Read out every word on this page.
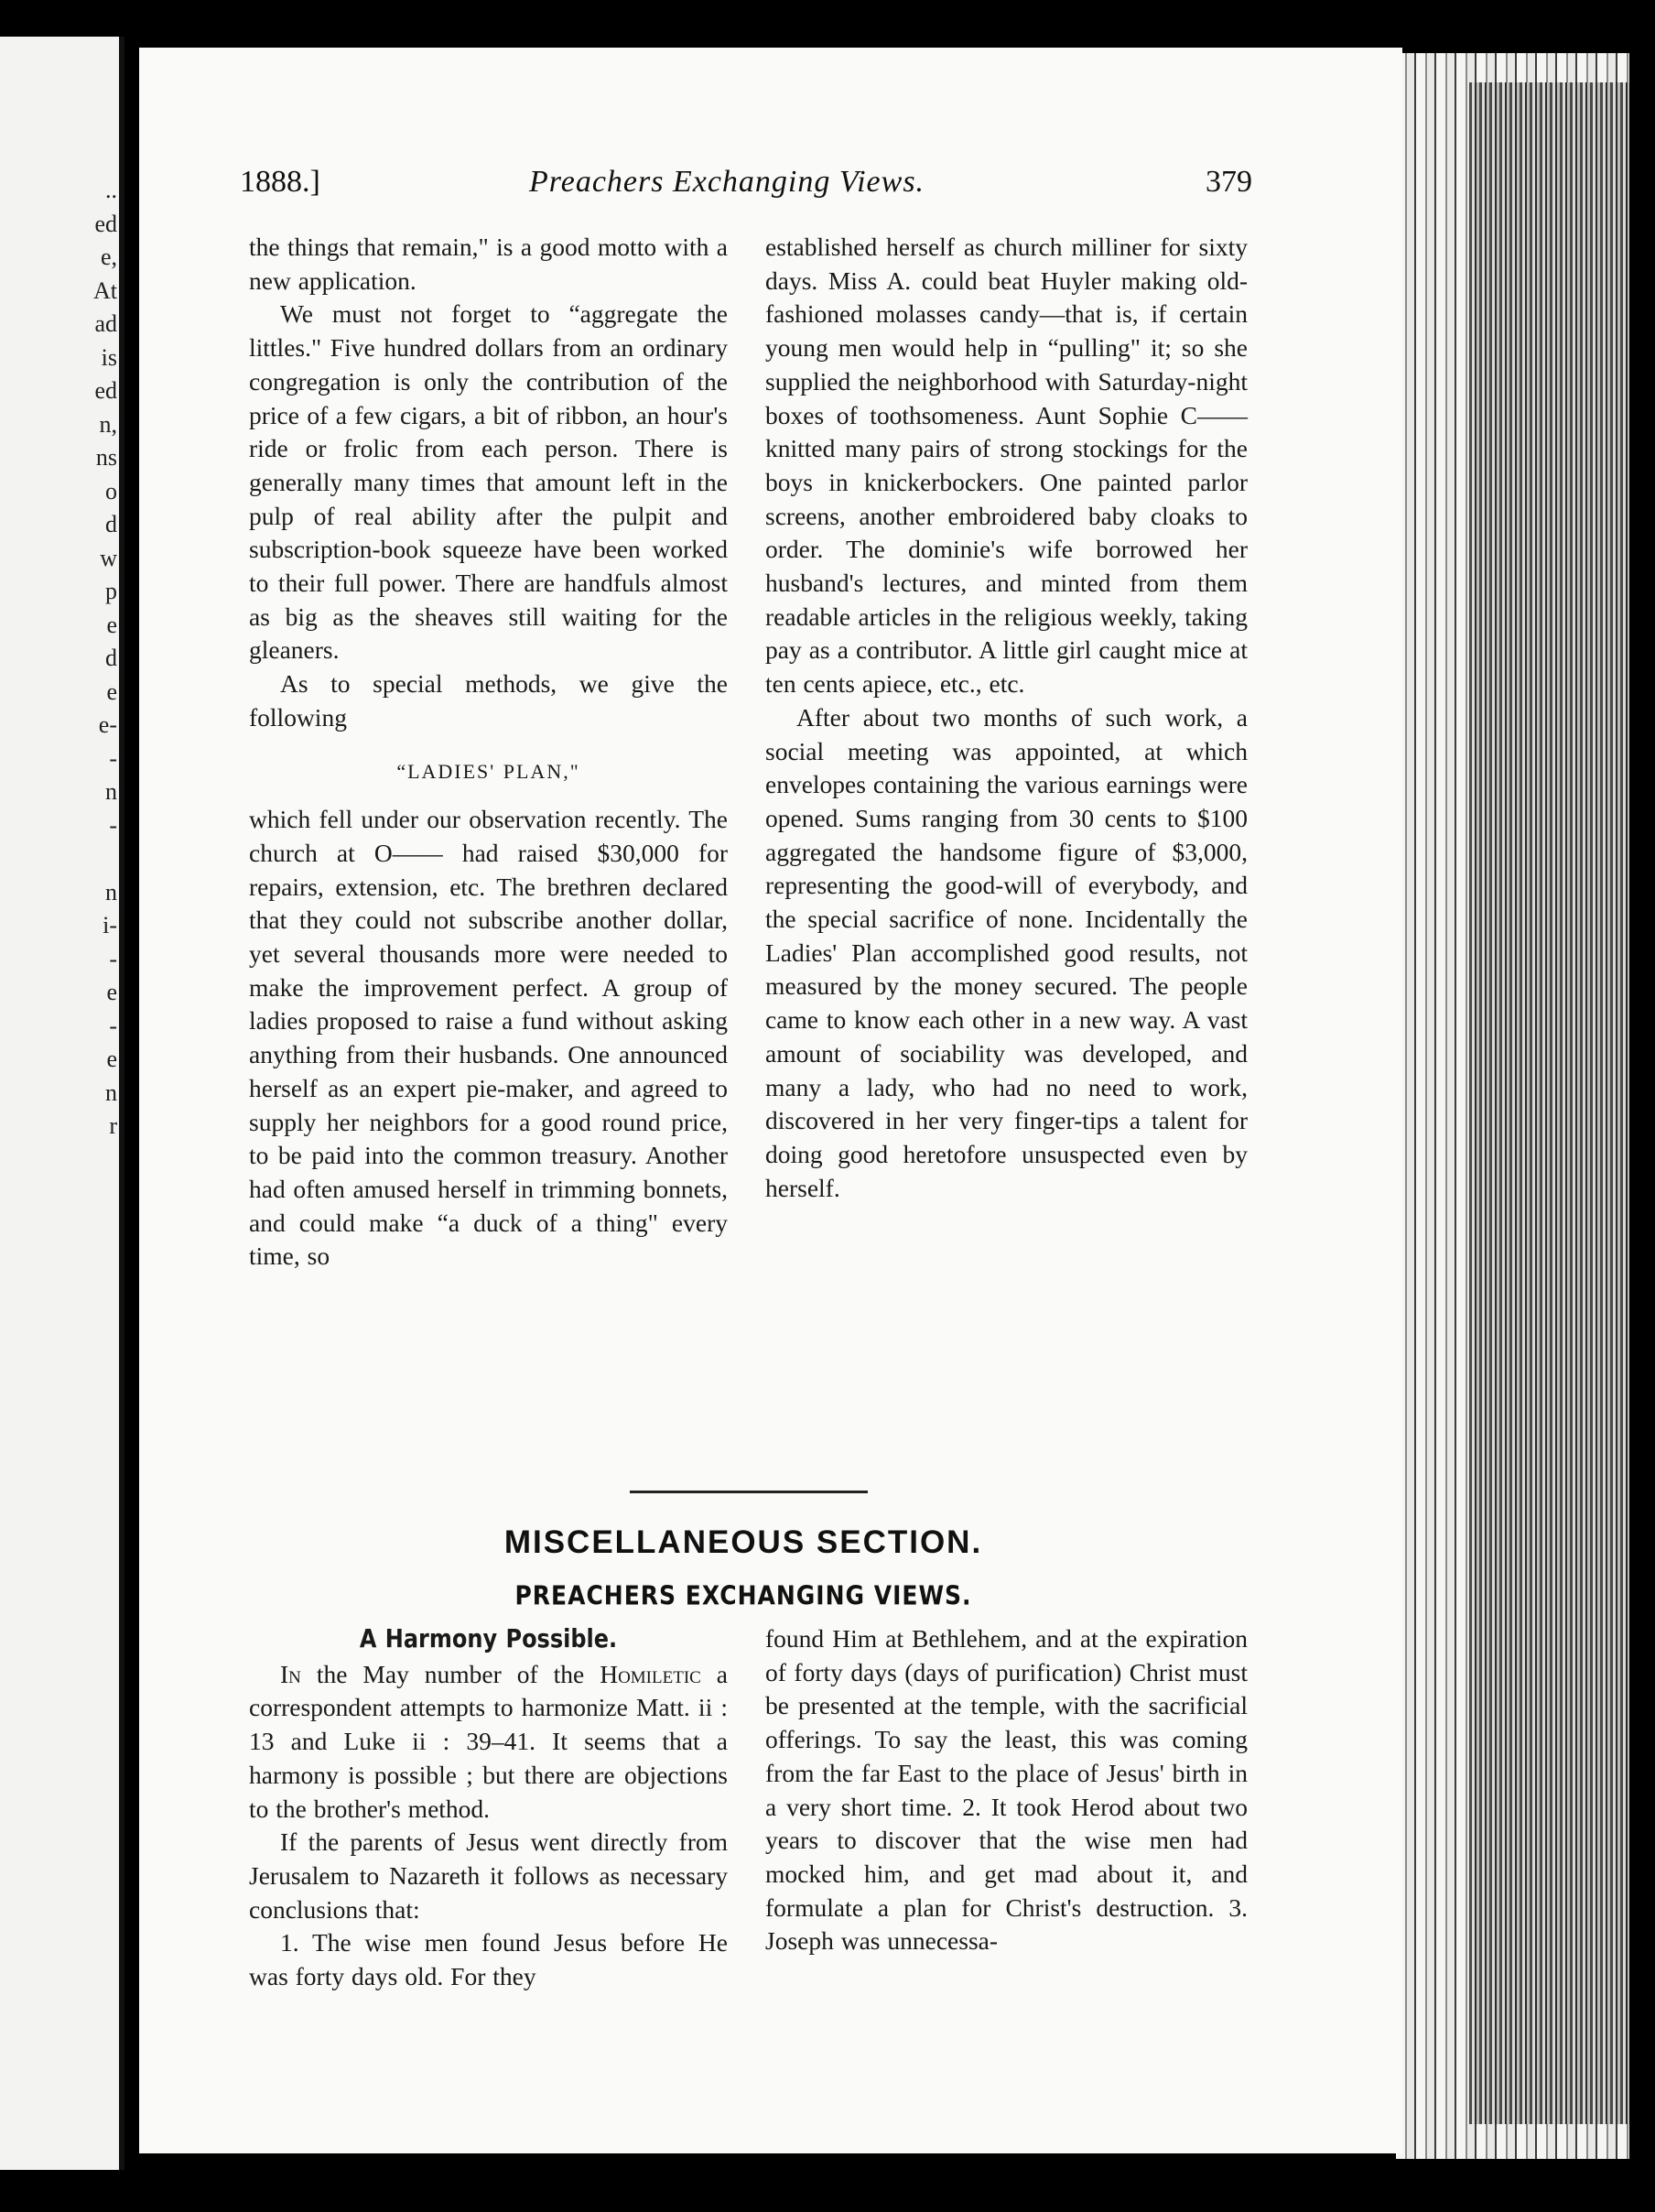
..
ed
e,
At
ad
is
ed
n,
ns
o
d
w
p
e
d
e
e-
-
n
-
n
i-
-
e
-
e
n
r
1888.]	Preachers Exchanging Views.	379

the things that remain," is a good motto with a new application.

We must not forget to “aggregate the littles." Five hundred dollars from an ordinary congregation is only the contribution of the price of a few cigars, a bit of ribbon, an hour's ride or frolic from each person. There is generally many times that amount left in the pulp of real ability after the pulpit and subscription-book squeeze have been worked to their full power. There are handfuls almost as big as the sheaves still waiting for the gleaners.

As to special methods, we give the following

“LADIES' PLAN,"

which fell under our observation recently. The church at O—— had raised $30,000 for repairs, extension, etc. The brethren declared that they could not subscribe another dollar, yet several thousands more were needed to make the improvement perfect. A group of ladies proposed to raise a fund without asking anything from their husbands. One announced herself as an expert pie-maker, and agreed to supply her neighbors for a good round price, to be paid into the common treasury. Another had often amused herself in trimming bonnets, and could make “a duck of a thing" every time, so

established herself as church milliner for sixty days. Miss A. could beat Huyler making old-fashioned molasses candy—that is, if certain young men would help in “pulling" it; so she supplied the neighborhood with Saturday-night boxes of toothsomeness. Aunt Sophie C—— knitted many pairs of strong stockings for the boys in knickerbockers. One painted parlor screens, another embroidered baby cloaks to order. The dominie's wife borrowed her husband's lectures, and minted from them readable articles in the religious weekly, taking pay as a contributor. A little girl caught mice at ten cents apiece, etc., etc.

After about two months of such work, a social meeting was appointed, at which envelopes containing the various earnings were opened. Sums ranging from 30 cents to $100 aggregated the handsome figure of $3,000, representing the good-will of everybody, and the special sacrifice of none. Incidentally the Ladies' Plan accomplished good results, not measured by the money secured. The people came to know each other in a new way. A vast amount of sociability was developed, and many a lady, who had no need to work, discovered in her very finger-tips a talent for doing good heretofore unsuspected even by herself.

MISCELLANEOUS SECTION.
PREACHERS EXCHANGING VIEWS.
A Harmony Possible.

In the May number of the Homiletic a correspondent attempts to harmonize Matt. ii : 13 and Luke ii : 39–41. It seems that a harmony is possible ; but there are objections to the brother's method.

If the parents of Jesus went directly from Jerusalem to Nazareth it follows as necessary conclusions that:

1. The wise men found Jesus before He was forty days old. For they

found Him at Bethlehem, and at the expiration of forty days (days of purification) Christ must be presented at the temple, with the sacrificial offerings. To say the least, this was coming from the far East to the place of Jesus' birth in a very short time. 2. It took Herod about two years to discover that the wise men had mocked him, and get mad about it, and formulate a plan for Christ's destruction. 3. Joseph was unnecessa-
